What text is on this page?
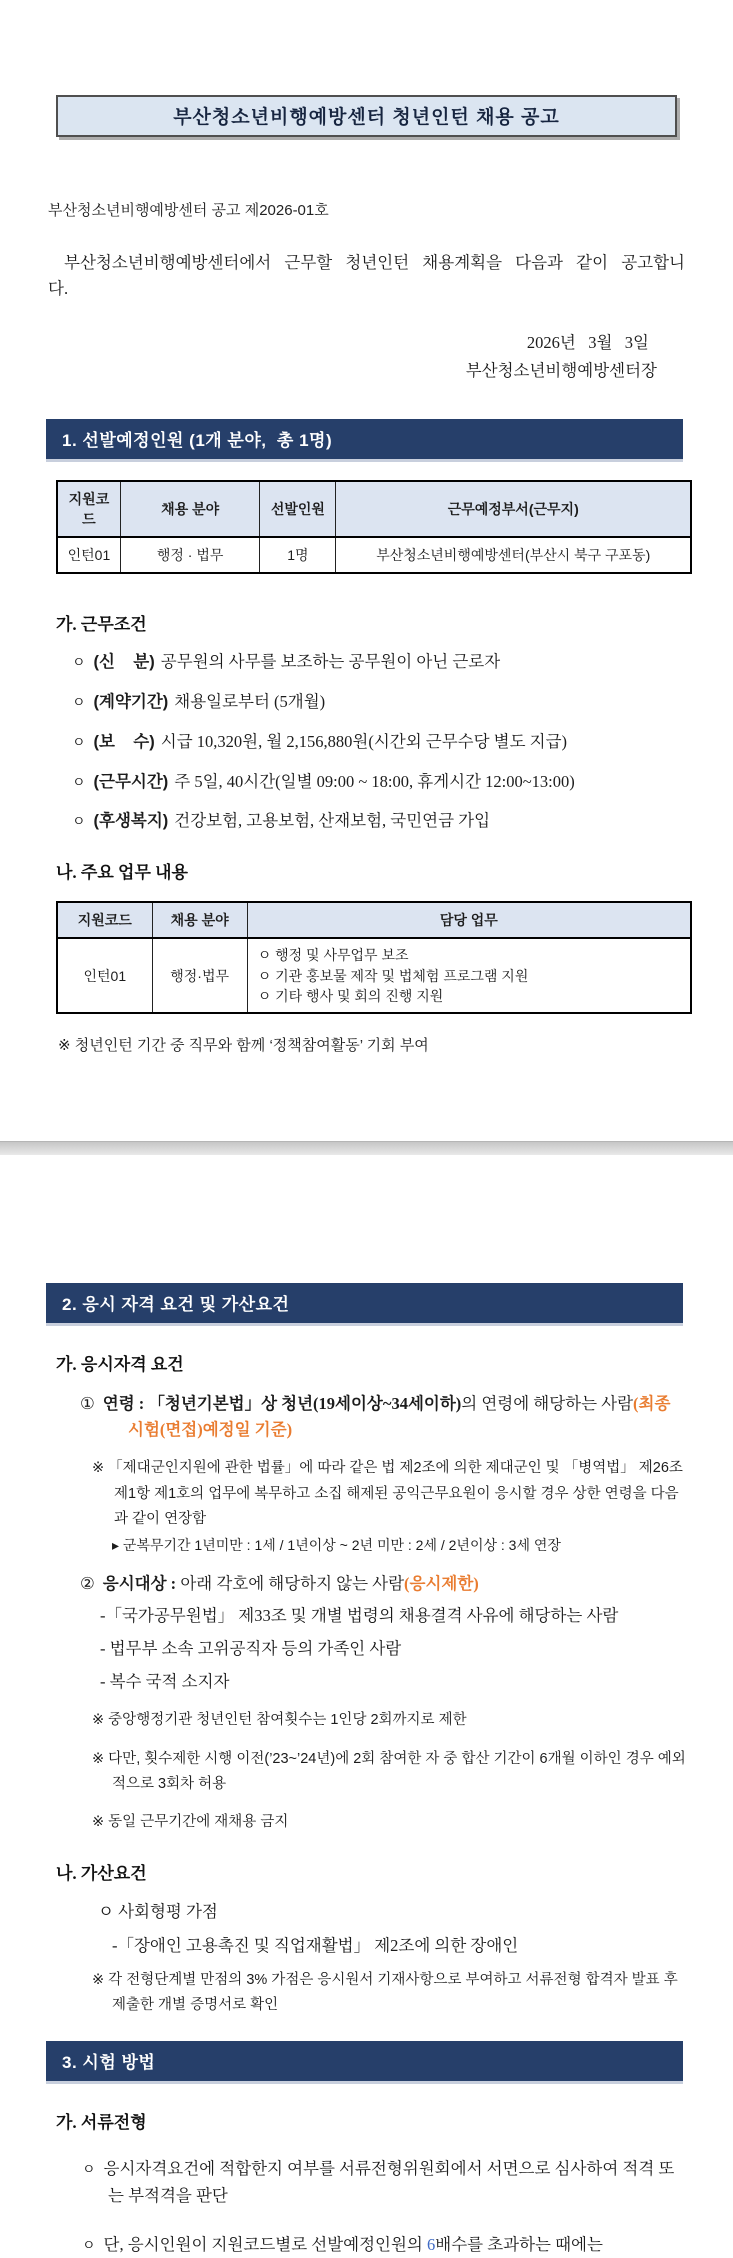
부산청소년비행예방센터 청년인턴 채용 공고

부산청소년비행예방센터 공고 제2026-01호

부산청소년비행예방센터에서 근무할 청년인턴 채용계획을 다음과 같이 공고합니다.

2026년   3월   3일

부산청소년비행예방센터장

1. 선발예정인원 (1개 분야,  총 1명)
지원코드	채용 분야	선발인원	근무예정부서(근무지)
인턴01	행정 · 법무	1명	부산청소년비행예방센터(부산시 북구 구포동)
가. 근무조건
ㅇ (신    분) 공무원의 사무를 보조하는 공무원이 아닌 근로자
ㅇ (계약기간) 채용일로부터 (5개월)
ㅇ (보    수) 시급 10,320원, 월 2,156,880원(시간외 근무수당 별도 지급)
ㅇ (근무시간) 주 5일, 40시간(일별 09:00 ~ 18:00, 휴게시간 12:00~13:00)
ㅇ (후생복지) 건강보험, 고용보험, 산재보험, 국민연금 가입
나. 주요 업무 내용
지원코드	채용 분야	담당 업무
인턴01	행정·법무	ㅇ 행정 및 사무업무 보조
ㅇ 기관 홍보물 제작 및 법체험 프로그램 지원
ㅇ 기타 행사 및 회의 진행 지원
※ 청년인턴 기간 중 직무와 함께 ‘정책참여활동’ 기회 부여
2. 응시 자격 요건 및 가산요건
가. 응시자격 요건
① 연령 : 「청년기본법」상 청년(19세이상~34세이하)의 연령에 해당하는 사람(최종 시험(면접)예정일 기준)
※ 「제대군인지원에 관한 법률」에 따라 같은 법 제2조에 의한 제대군인 및 「병역법」 제26조 제1항 제1호의 업무에 복무하고 소집 해제된 공익근무요원이 응시할 경우 상한 연령을 다음과 같이 연장함
▸ 군복무기간 1년미만 : 1세 / 1년이상 ~ 2년 미만 : 2세 / 2년이상 : 3세 연장
② 응시대상 : 아래 각호에 해당하지 않는 사람(응시제한)
-「국가공무원법」 제33조 및 개별 법령의 채용결격 사유에 해당하는 사람
- 법무부 소속 고위공직자 등의 가족인 사람
- 복수 국적 소지자
※ 중앙행정기관 청년인턴 참여횟수는 1인당 2회까지로 제한
※ 다만, 횟수제한 시행 이전(’23~’24년)에 2회 참여한 자 중 합산 기간이 6개월 이하인 경우 예외적으로 3회차 허용
※ 동일 근무기간에 재채용 금지
나. 가산요건
ㅇ 사회형평 가점
-「장애인 고용촉진 및 직업재활법」 제2조에 의한 장애인
※ 각 전형단계별 만점의 3% 가점은 응시원서 기재사항으로 부여하고 서류전형 합격자 발표 후 제출한 개별 증명서로 확인
3. 시험 방법
가. 서류전형
ㅇ 응시자격요건에 적합한지 여부를 서류전형위원회에서 서면으로 심사하여 적격 또는 부적격을 판단
ㅇ 단, 응시인원이 지원코드별로 선발예정인원의 6배수를 초과하는 때에는
